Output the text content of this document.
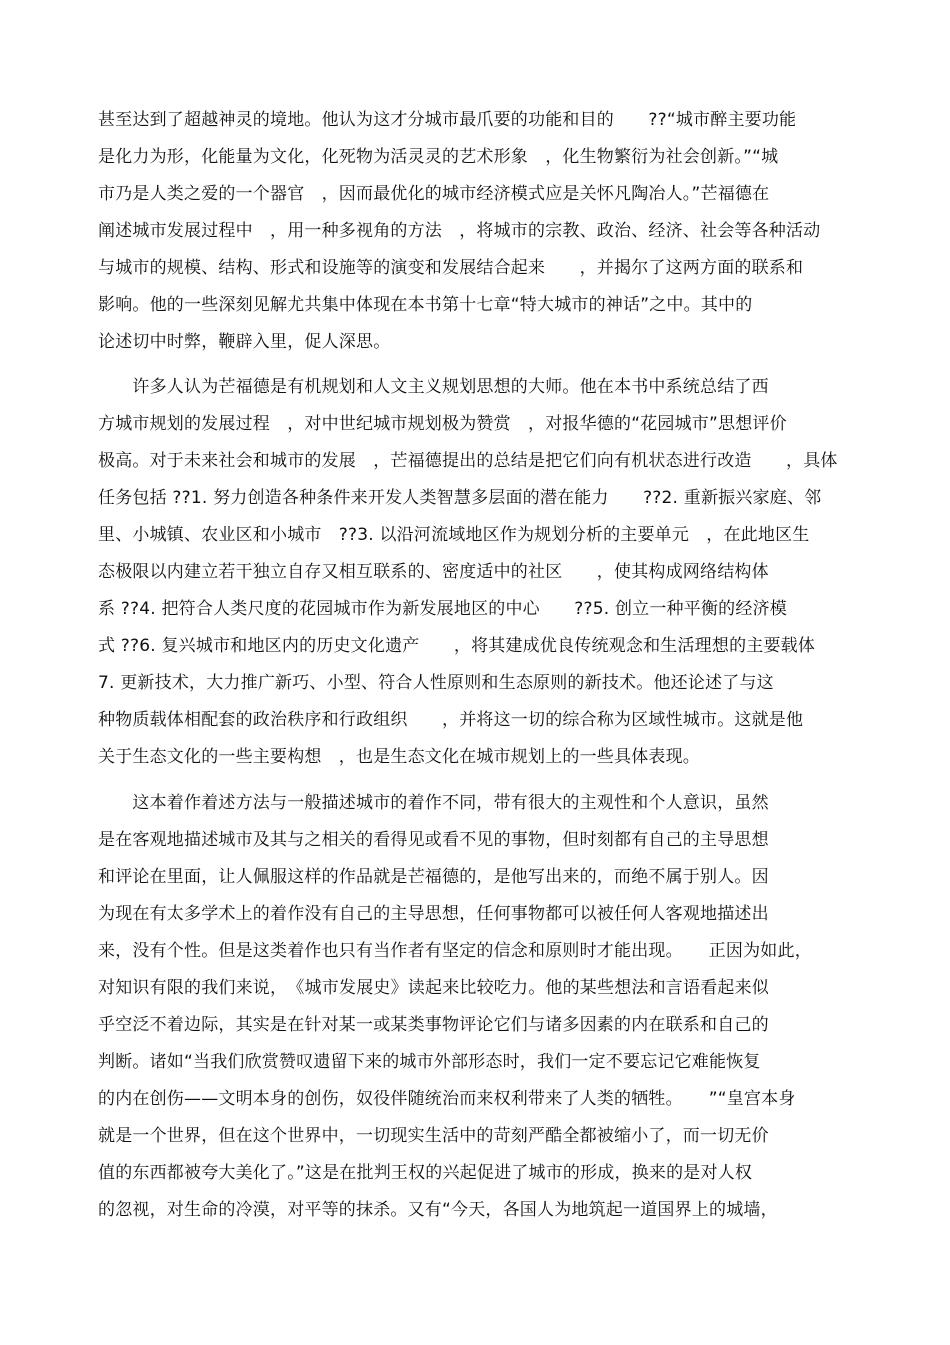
甚至达到了超越神灵的境地。他认为这才分城市最爪要的功能和目的　　??“城市醉主要功能
是化力为形，化能量为文化，化死物为活灵灵的艺术形象　，化生物繁衍为社会创新。”“城
市乃是人类之爱的一个器官　，因而最优化的城市经济模式应是关怀凡陶冶人。”芒福德在
阐述城市发展过程中　，用一种多视角的方法　，将城市的宗教、政治、经济、社会等各种活动
与城市的规模、结构、形式和设施等的演变和发展结合起来　　，并揭尔了这两方面的联系和
影响。他的一些深刻见解尤共集中体现在本书第十七章“特大城市的神话”之中。其中的
论述切中时弊，鞭辟入里，促人深思。
　　许多人认为芒福德是有机规划和人文主义规划思想的大师。他在本书中系统总结了西
方城市规划的发展过程　，对中世纪城市规划极为赞赏　，对报华德的“花园城市”思想评价
极高。对于未来社会和城市的发展　，芒福德提出的总结是把它们向有机状态进行改造　　，具体
任务包括 ??1. 努力创造各种条件来开发人类智慧多层面的潜在能力　　??2. 重新振兴家庭、邻
里、小城镇、农业区和小城市　??3. 以沿河流域地区作为规划分析的主要单元　，在此地区生
态极限以内建立若干独立自存又相互联系的、密度适中的社区　　，使其构成网络结构体
系 ??4. 把符合人类尺度的花园城市作为新发展地区的中心　　??5. 创立一种平衡的经济模
式 ??6. 复兴城市和地区内的历史文化遗产　　，将其建成优良传统观念和生活理想的主要载体
7. 更新技术，大力推广新巧、小型、符合人性原则和生态原则的新技术。他还论述了与这
种物质载体相配套的政治秩序和行政组织　　，并将这一切的综合称为区域性城市。这就是他
关于生态文化的一些主要构想　，也是生态文化在城市规划上的一些具体表现。
　　这本着作着述方法与一般描述城市的着作不同，带有很大的主观性和个人意识，虽然
是在客观地描述城市及其与之相关的看得见或看不见的事物，但时刻都有自己的主导思想
和评论在里面，让人佩服这样的作品就是芒福德的，是他写出来的，而绝不属于别人。因
为现在有太多学术上的着作没有自己的主导思想，任何事物都可以被任何人客观地描述出
来，没有个性。但是这类着作也只有当作者有坚定的信念和原则时才能出现。　　正因为如此，
对知识有限的我们来说，　《城市发展史》读起来比较吃力。他的某些想法和言语看起来似
乎空泛不着边际，其实是在针对某一或某类事物评论它们与诸多因素的内在联系和自己的
判断。诸如“当我们欣赏赞叹遗留下来的城市外部形态时，我们一定不要忘记它难能恢复
的内在创伤——文明本身的创伤，奴役伴随统治而来权利带来了人类的牺牲。　　”“皇宫本身
就是一个世界，但在这个世界中，一切现实生活中的苛刻严酷全都被缩小了，而一切无价
值的东西都被夸大美化了。”这是在批判王权的兴起促进了城市的形成，换来的是对人权
的忽视，对生命的冷漠，对平等的抹杀。又有“今天，各国人为地筑起一道国界上的城墙，
